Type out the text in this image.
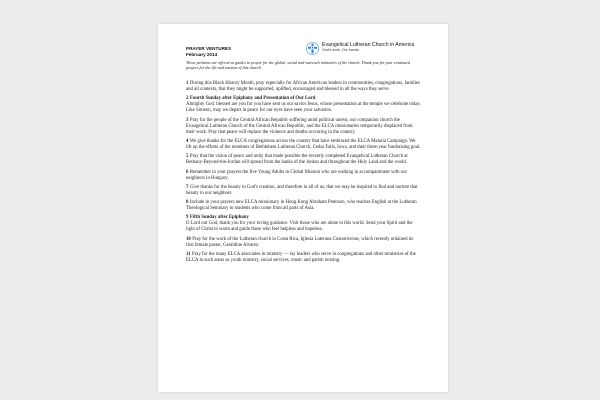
PRAYER VENTURES
February 2014
Evangelical Lutheran Church in America
God's work. Our hands.
These petitions are offered as guides to prayer for the global, social and outreach ministries of the church. Thank you for your continued prayers for the life and mission of this church.
1 During this Black History Month, pray especially for African American leaders in communities, congregations, families and all contexts, that they might be supported, uplifted, encouraged and blessed in all the ways they serve.
2 Fourth Sunday after Epiphany and Presentation of Our Lord
Almighty God, blessed are you for you have sent us our savior Jesus, whose presentation at the temple we celebrate today. Like Simeon, may we depart in peace for our eyes have seen your salvation.
3 Pray for the people of the Central African Republic suffering amid political unrest, our companion church the Evangelical Lutheran Church of the Central African Republic, and the ELCA missionaries temporarily displaced from their work. Pray that peace will replace the violence and deaths occurring in the country.
4 We give thanks for the ELCA congregations across the country that have embraced the ELCA Malaria Campaign. We lift up the efforts of the members of Bethlehem Lutheran Church, Cedar Falls, Iowa, and their three-year fundraising goal.
5 Pray that the vision of peace and unity that made possible the recently completed Evangelical Lutheran Church at Bethany-Beyond-the-Jordan will spread from the banks of the Jordan and throughout the Holy Land and the world.
6 Remember in your prayers the five Young Adults in Global Mission who are walking in accompaniment with our neighbors in Hungary.
7 Give thanks for the beauty in God's creation, and therefore in all of us, that we may be inspired to find and nurture that beauty in our neighbors.
8 Include in your prayers new ELCA missionary in Hong Kong Abraham Peterson, who teaches English at the Lutheran Theological Seminary to students who come from all parts of Asia.
9 Fifth Sunday after Epiphany
O Lord our God, thank you for your loving guidance. Visit those who are alone in this world. Send your Spirit and the light of Christ to warm and guide those who feel helpless and hopeless.
10 Pray for the work of the Lutheran church in Costa Rica, Iglesia Luterana Costarricense, which recently ordained its first female pastor, Geraldine Alvarez.
11 Pray for the many ELCA associates in ministry — lay leaders who serve in congregations and other ministries of the ELCA in such areas as youth ministry, social services, music and parish nursing.
